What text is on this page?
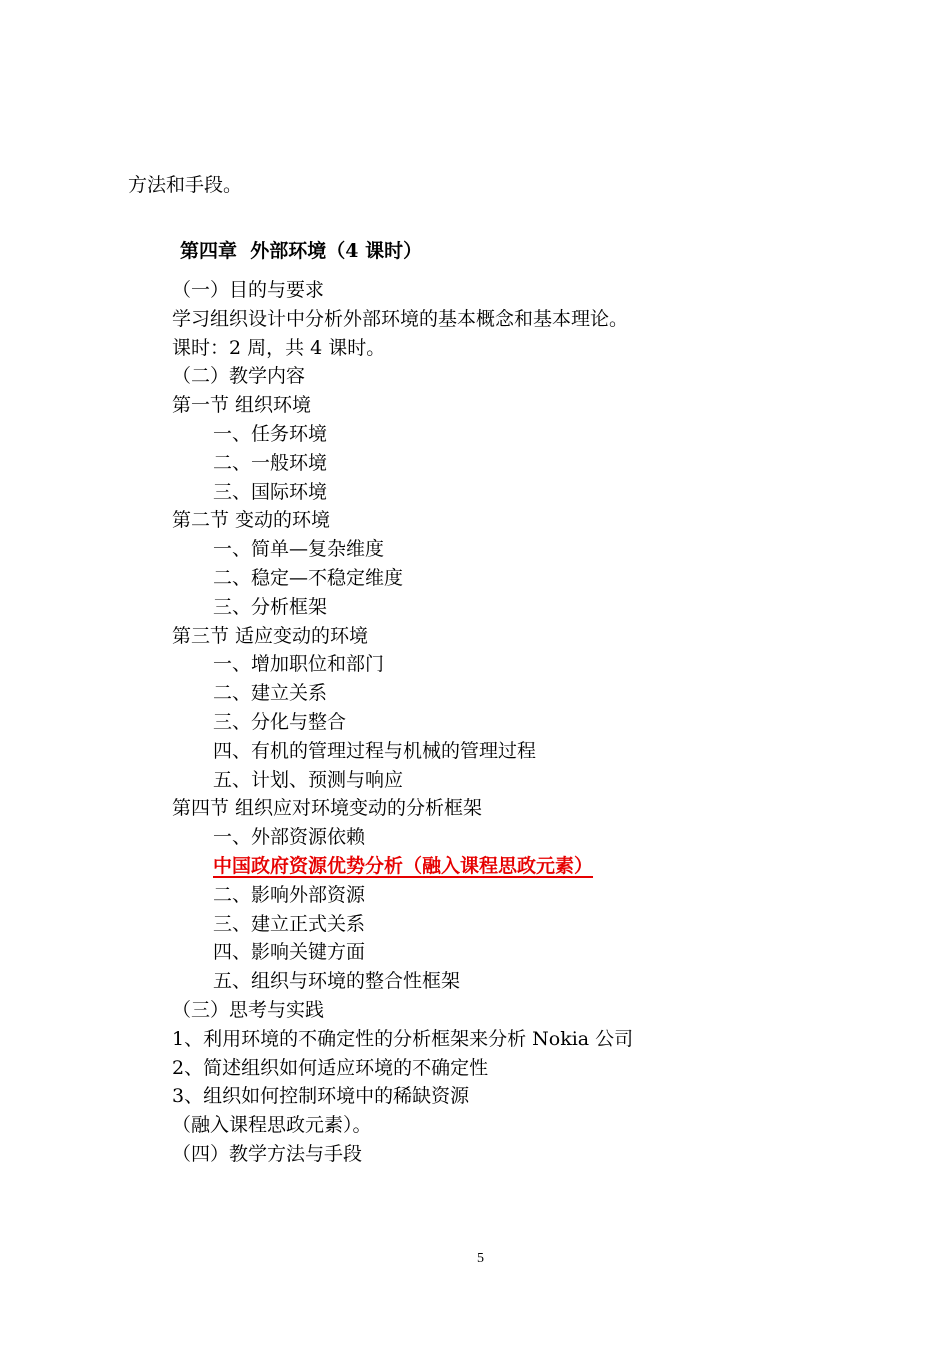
方法和手段。
第四章  外部环境（4 课时）
（一）目的与要求
学习组织设计中分析外部环境的基本概念和基本理论。
课时：2 周，共 4 课时。
（二）教学内容
第一节 组织环境
一、任务环境
二、一般环境
三、国际环境
第二节 变动的环境
一、简单—复杂维度
二、稳定—不稳定维度
三、分析框架
第三节 适应变动的环境
一、增加职位和部门
二、建立关系
三、分化与整合
四、有机的管理过程与机械的管理过程
五、计划、预测与响应
第四节 组织应对环境变动的分析框架
一、外部资源依赖
中国政府资源优势分析（融入课程思政元素）
二、影响外部资源
三、建立正式关系
四、影响关键方面
五、组织与环境的整合性框架
（三）思考与实践
1、利用环境的不确定性的分析框架来分析 Nokia 公司
2、简述组织如何适应环境的不确定性
3、组织如何控制环境中的稀缺资源
（融入课程思政元素）。
（四）教学方法与手段
5
